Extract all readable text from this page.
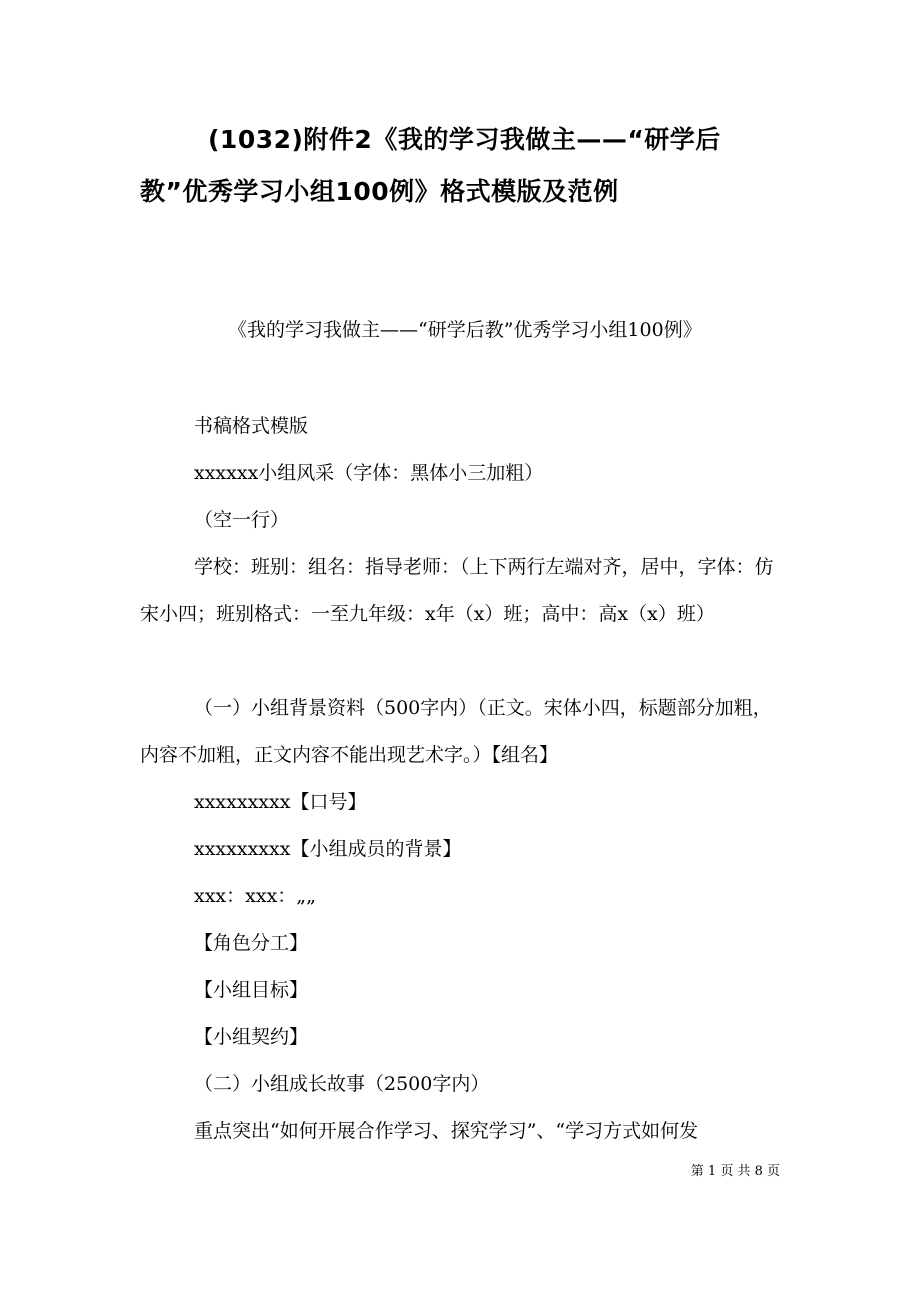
(1032)附件2《我的学习我做主——“研学后教”优秀学习小组100例》格式模版及范例

《我的学习我做主——“研学后教”优秀学习小组100例》

书稿格式模版

xxxxxx小组风采（字体：黑体小三加粗）

（空一行）

学校：班别：组名：指导老师：（上下两行左端对齐，居中，字体：仿宋小四；班别格式：一至九年级：x年（x）班；高中：高x（x）班）

（一）小组背景资料（500字内）（正文。宋体小四，标题部分加粗，内容不加粗，正文内容不能出现艺术字。）【组名】

xxxxxxxxx【口号】

xxxxxxxxx【小组成员的背景】

xxx：xxx：„„

【角色分工】

【小组目标】

【小组契约】

（二）小组成长故事（2500字内）

重点突出“如何开展合作学习、探究学习”、“学习方式如何发

第 1 页 共 8 页
